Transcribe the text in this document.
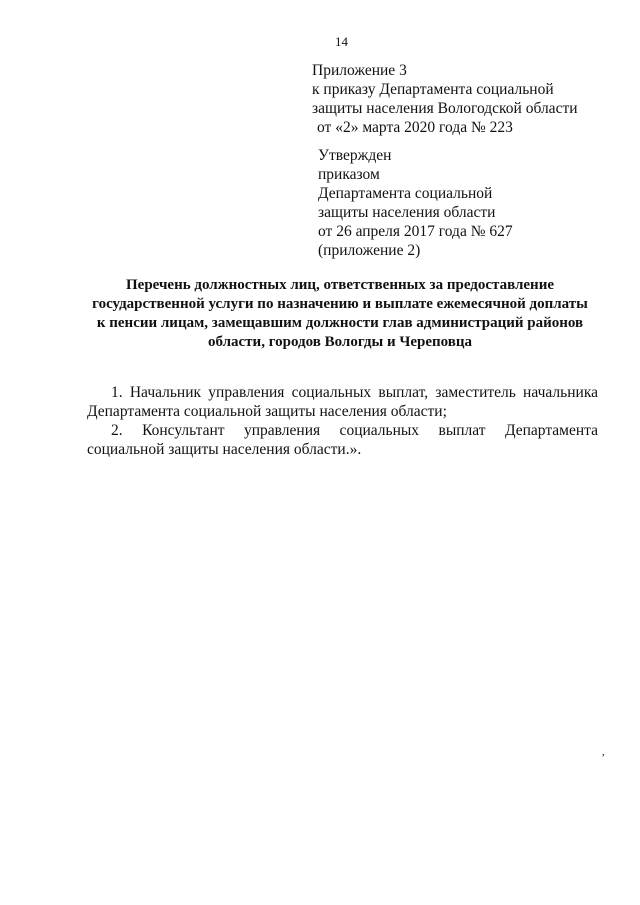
14
Приложение 3
к приказу Департамента социальной
защиты населения Вологодской области
от «2» марта 2020 года № 223
Утвержден
приказом
Департамента социальной
защиты населения области
от 26 апреля 2017 года № 627
(приложение 2)
Перечень должностных лиц, ответственных за предоставление
государственной услуги по назначению и выплате ежемесячной доплаты
к пенсии лицам, замещавшим должности глав администраций районов
области, городов Вологды и Череповца
1. Начальник управления социальных выплат, заместитель начальника
Департамента социальной защиты населения области;
2. Консультант управления социальных выплат Департамента
социальной защиты населения области.».
,
